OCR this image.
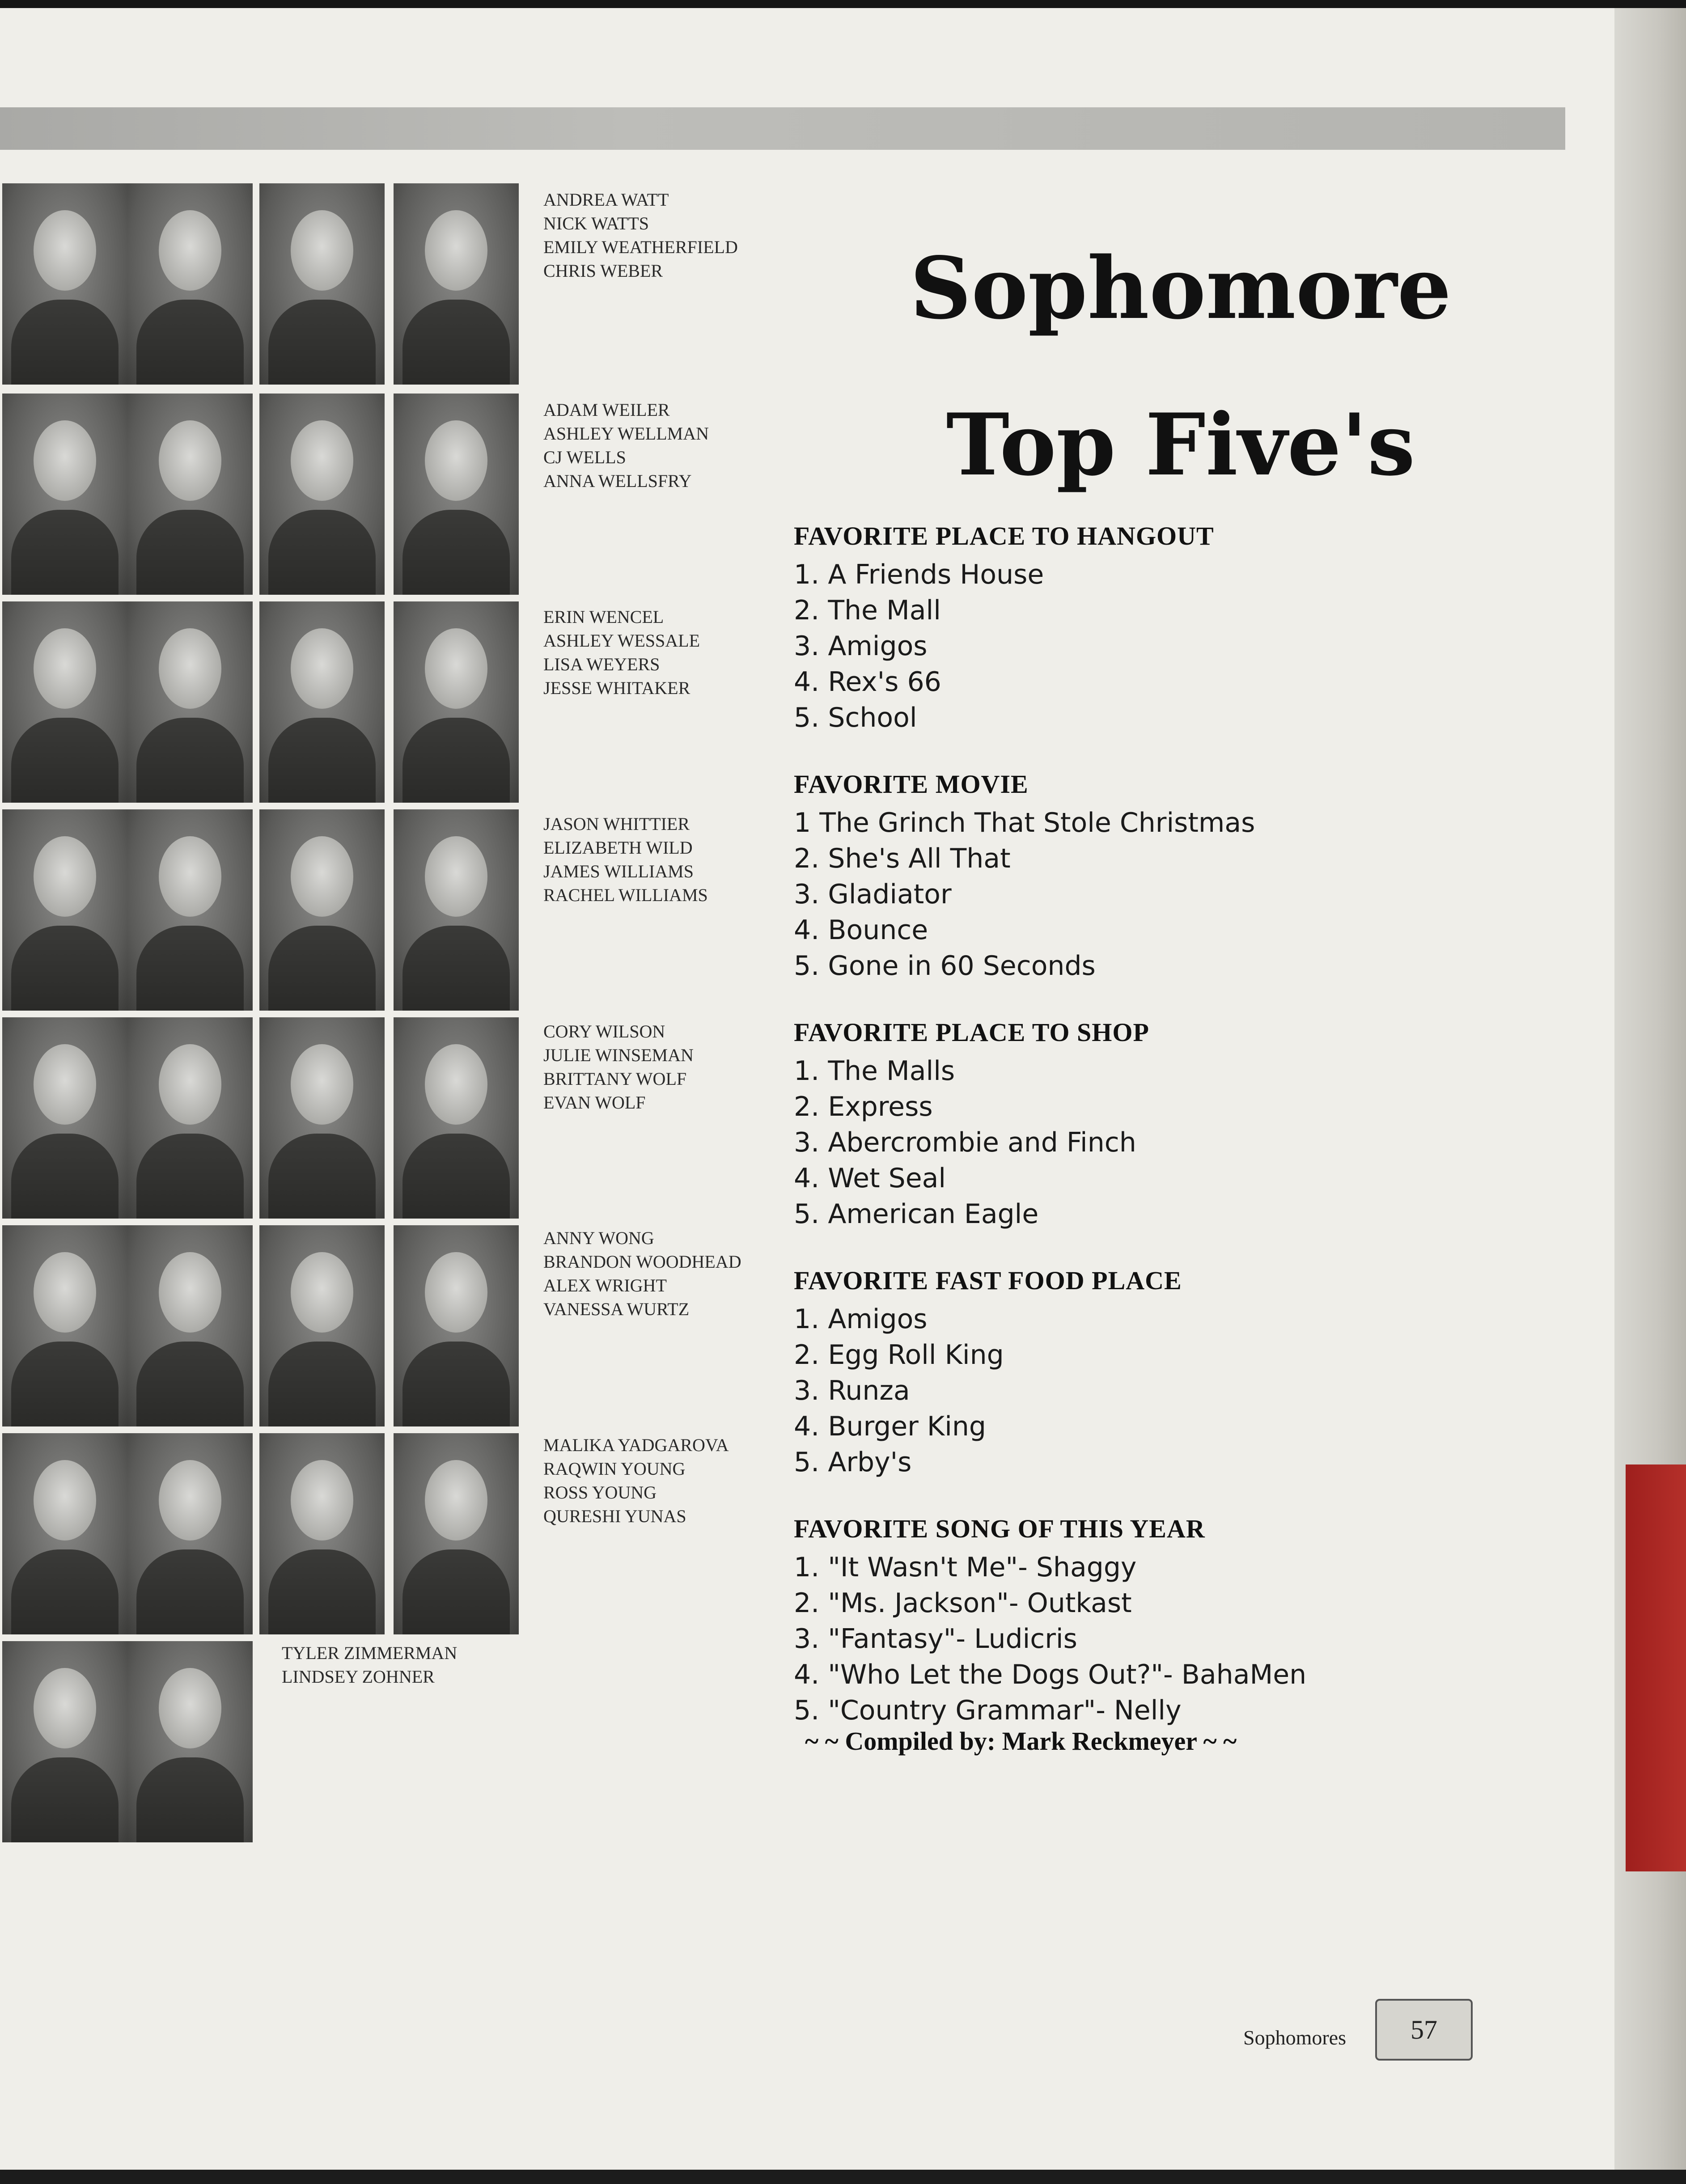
ANDREA WATT
NICK WATTS
EMILY WEATHERFIELD
CHRIS WEBER
ADAM WEILER
ASHLEY WELLMAN
CJ WELLS
ANNA WELLSFRY
ERIN WENCEL
ASHLEY WESSALE
LISA WEYERS
JESSE WHITAKER
JASON WHITTIER
ELIZABETH WILD
JAMES WILLIAMS
RACHEL WILLIAMS
CORY WILSON
JULIE WINSEMAN
BRITTANY WOLF
EVAN WOLF
ANNY WONG
BRANDON WOODHEAD
ALEX WRIGHT
VANESSA WURTZ
MALIKA YADGAROVA
RAQWIN YOUNG
ROSS YOUNG
QURESHI YUNAS
TYLER ZIMMERMAN
LINDSEY ZOHNER
Sophomore
Top Five's
FAVORITE PLACE TO HANGOUT
1. A Friends House
2. The Mall
3. Amigos
4. Rex's 66
5. School
FAVORITE MOVIE
1 The Grinch That Stole Christmas
2. She's All That
3. Gladiator
4. Bounce
5. Gone in 60 Seconds
FAVORITE PLACE TO SHOP
1. The Malls
2. Express
3. Abercrombie and Finch
4. Wet Seal
5. American Eagle
FAVORITE FAST FOOD PLACE
1. Amigos
2. Egg Roll King
3. Runza
4. Burger King
5. Arby's
FAVORITE SONG OF THIS YEAR
1. "It Wasn't Me"- Shaggy
2. "Ms. Jackson"- Outkast
3. "Fantasy"- Ludicris
4. "Who Let the Dogs Out?"- BahaMen
5. "Country Grammar"- Nelly

~ ~ Compiled by: Mark Reckmeyer ~ ~

Sophomores	57
